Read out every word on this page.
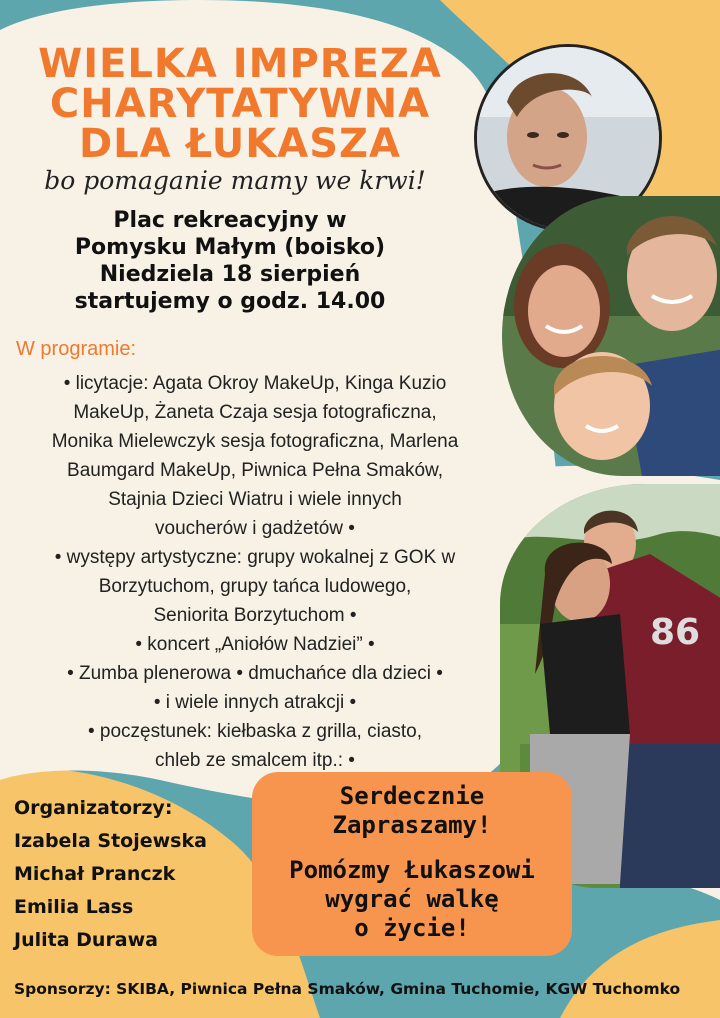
WIELKA IMPREZA
CHARYTATYWNA
DLA ŁUKASZA
bo pomaganie mamy we krwi!
Plac rekreacyjny w
Pomysku Małym (boisko)
Niedziela 18 sierpień
startujemy o godz. 14.00
W programie:
• licytacje: Agata Okroy MakeUp, Kinga Kuzio
MakeUp, Żaneta Czaja sesja fotograficzna,
Monika Mielewczyk sesja fotograficzna, Marlena
Baumgard MakeUp, Piwnica Pełna Smaków,
Stajnia Dzieci Wiatru i wiele innych
voucherów i gadżetów •
• występy artystyczne: grupy wokalnej z GOK w
Borzytuchom, grupy tańca ludowego,
Seniorita Borzytuchom •
• koncert „Aniołów Nadziei” •
• Zumba plenerowa • dmuchańce dla dzieci •
• i wiele innych atrakcji •
• poczęstunek: kiełbaska z grilla, ciasto,
chleb ze smalcem itp.: •
86
Organizatorzy:
Izabela Stojewska
Michał Pranczk
Emilia Lass
Julita Durawa
Serdecznie
Zapraszamy!
Pomózmy Łukaszowi
wygrać walkę
o życie!
Sponsorzy: SKIBA, Piwnica Pełna Smaków, Gmina Tuchomie, KGW Tuchomko
